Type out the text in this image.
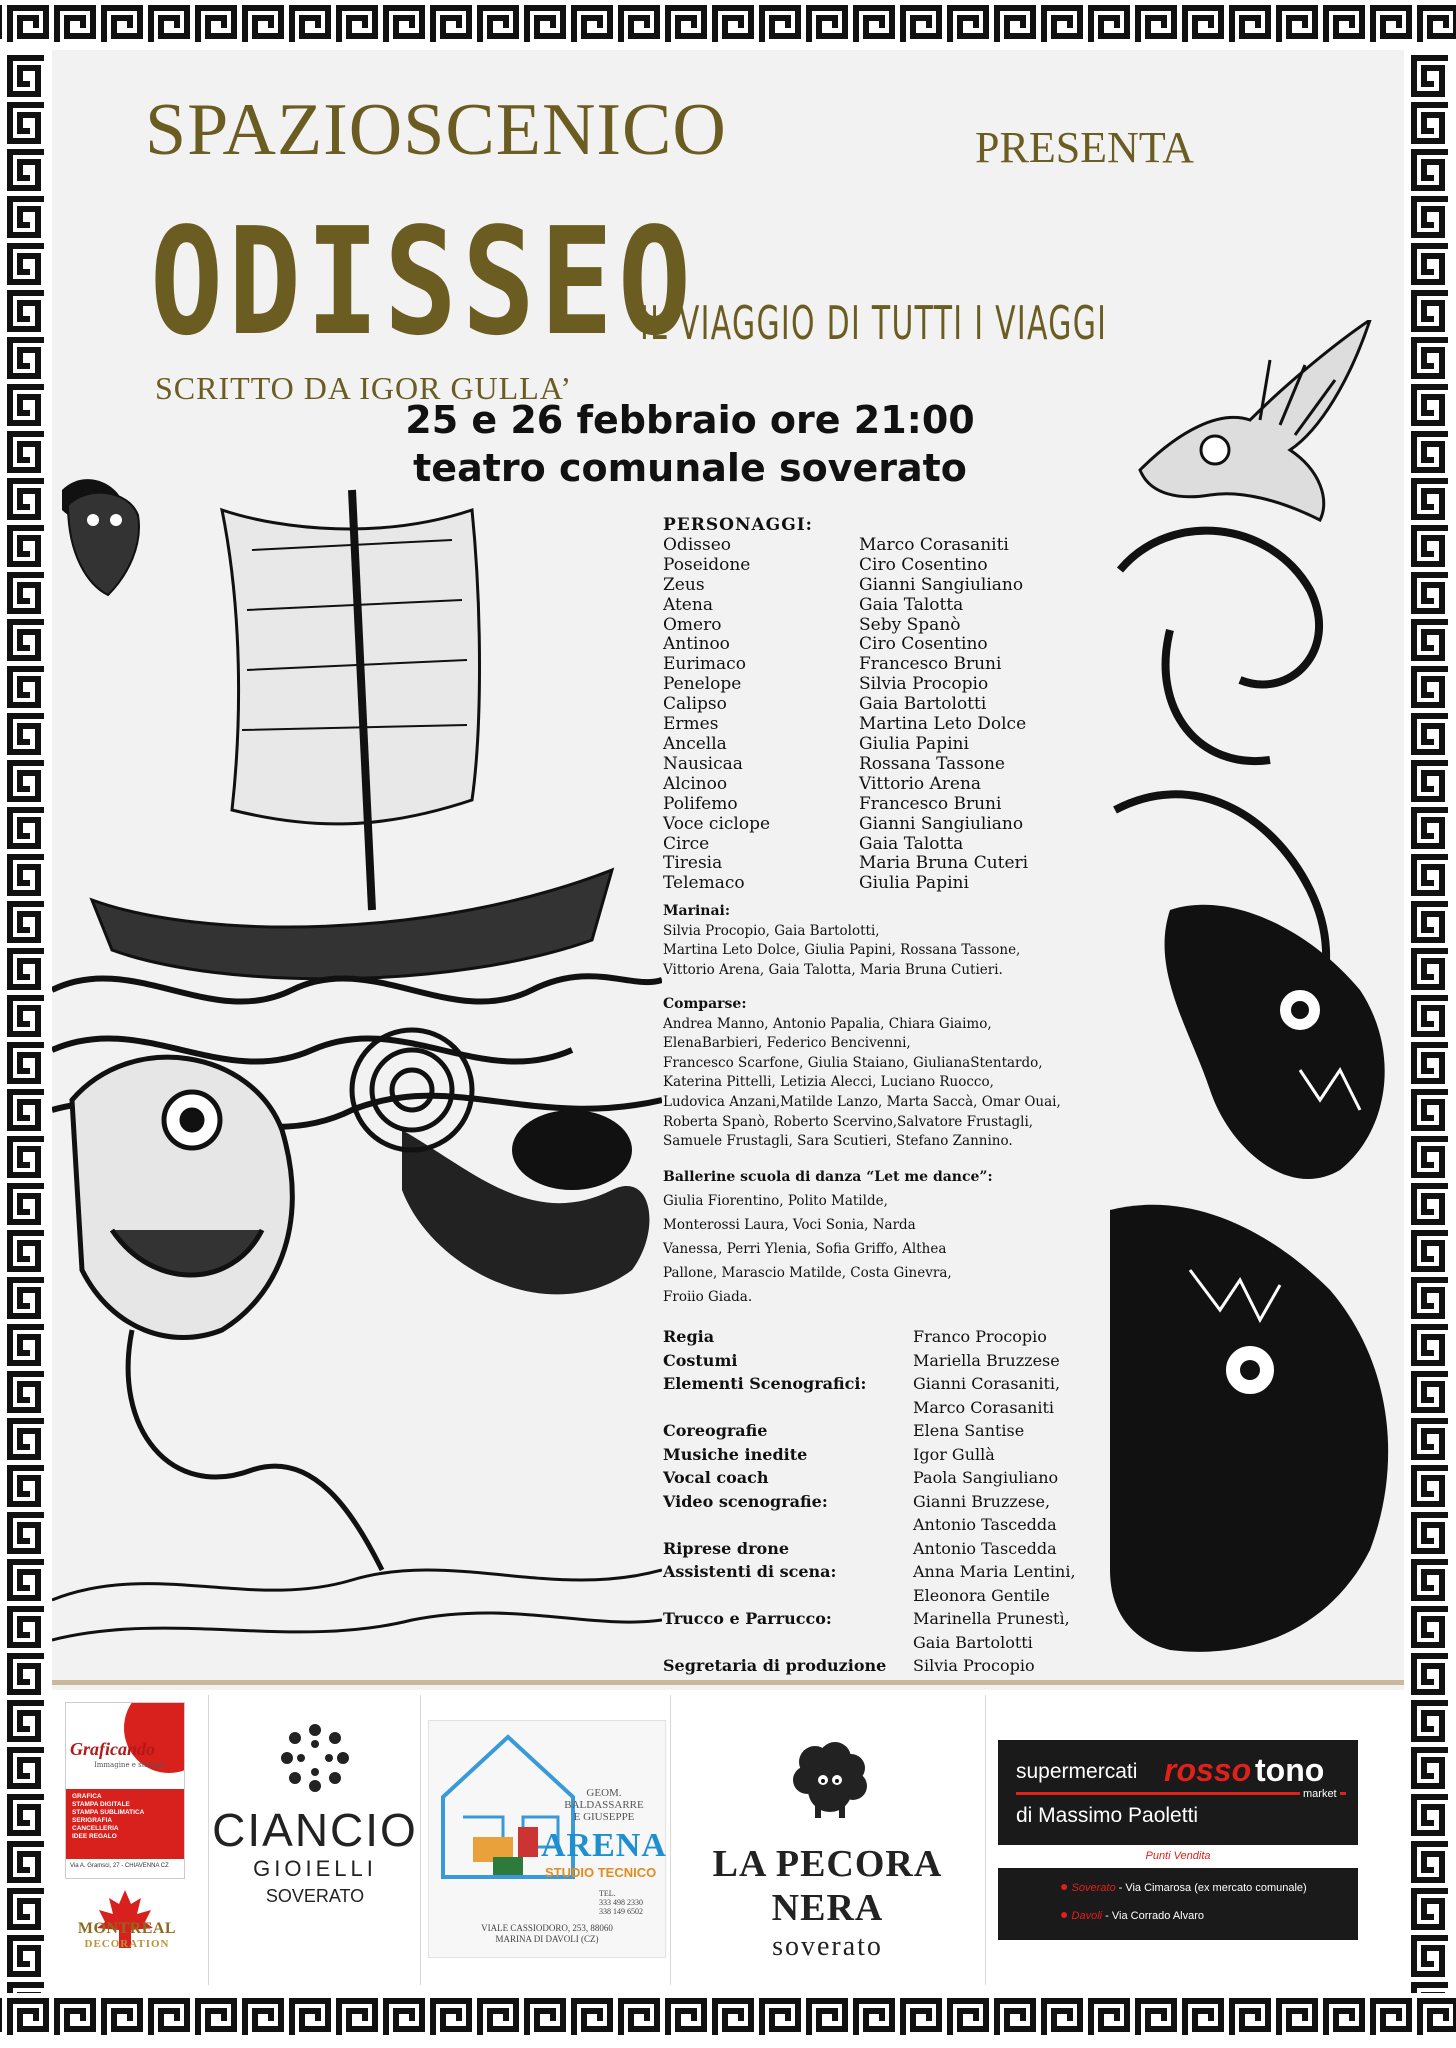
SPAZIOSCENICO	PRESENTA
ODISSEO
IL VIAGGIO DI TUTTI I VIAGGI
SCRITTO DA IGOR GULLA’
25 e 26 febbraio ore 21:00
teatro comunale soverato
PERSONAGGI:
Odisseo	Marco Corasaniti
Poseidone	Ciro Cosentino
Zeus	Gianni Sangiuliano
Atena	Gaia Talotta
Omero	Seby Spanò
Antinoo	Ciro Cosentino
Eurimaco	Francesco Bruni
Penelope	Silvia Procopio
Calipso	Gaia Bartolotti
Ermes	Martina Leto Dolce
Ancella	Giulia Papini
Nausicaa	Rossana Tassone
Alcinoo	Vittorio Arena
Polifemo	Francesco Bruni
Voce ciclope	Gianni Sangiuliano
Circe	Gaia Talotta
Tiresia	Maria Bruna Cuteri
Telemaco	Giulia Papini
Marinai:
Silvia Procopio, Gaia Bartolotti,
Martina Leto Dolce, Giulia Papini, Rossana Tassone,
Vittorio Arena, Gaia Talotta, Maria Bruna Cutieri.
Comparse:
Andrea Manno, Antonio Papalia, Chiara Giaimo,
ElenaBarbieri, Federico Bencivenni,
Francesco Scarfone, Giulia Staiano, GiulianaStentardo,
Katerina Pittelli, Letizia Alecci, Luciano Ruocco,
Ludovica Anzani,Matilde Lanzo, Marta Saccà, Omar Ouai,
Roberta Spanò, Roberto Scervino,Salvatore Frustagli,
Samuele Frustagli, Sara Scutieri, Stefano Zannino.
Ballerine scuola di danza “Let me dance”:
Giulia Fiorentino, Polito Matilde,
Monterossi Laura, Voci Sonia, Narda
Vanessa, Perri Ylenia, Sofia Griffo, Althea
Pallone, Marascio Matilde, Costa Ginevra,
Froiio Giada.
Regia	Franco Procopio
Costumi	Mariella Bruzzese
Elementi Scenografici:	Gianni Corasaniti,
Marco Corasaniti
Coreografie	Elena Santise
Musiche inedite	Igor Gullà
Vocal coach	Paola Sangiuliano
Video scenografie:	Gianni Bruzzese,
Antonio Tascedda
Riprese drone	Antonio Tascedda
Assistenti di scena:	Anna Maria Lentini,
Eleonora Gentile
Trucco e Parrucco:	Marinella Prunestì,
Gaia Bartolotti
Segretaria di produzione	Silvia Procopio
Graficando
Immagine e stampa
GRAFICA
STAMPA DIGITALE
STAMPA SUBLIMATICA
SERIGRAFIA
CANCELLERIA
IDEE REGALO
Via A. Gramsci, 27 - CHIAVENNA CZ
MONTREAL
DECORATION
CIANCIO
GIOIELLI
SOVERATO
GEOM.
BALDASSARRE
E GIUSEPPE
ARENA
STUDIO TECNICO
TEL.
333 498 2330
338 149 6502
VIALE CASSIODORO, 253, 88060
MARINA DI DAVOLI (CZ)
LA PECORA NERA
soverato
supermercati rosso tono
market
di Massimo Paoletti
Punti Vendita
● Soverato - Via Cimarosa (ex mercato comunale)
● Davoli - Via Corrado Alvaro
